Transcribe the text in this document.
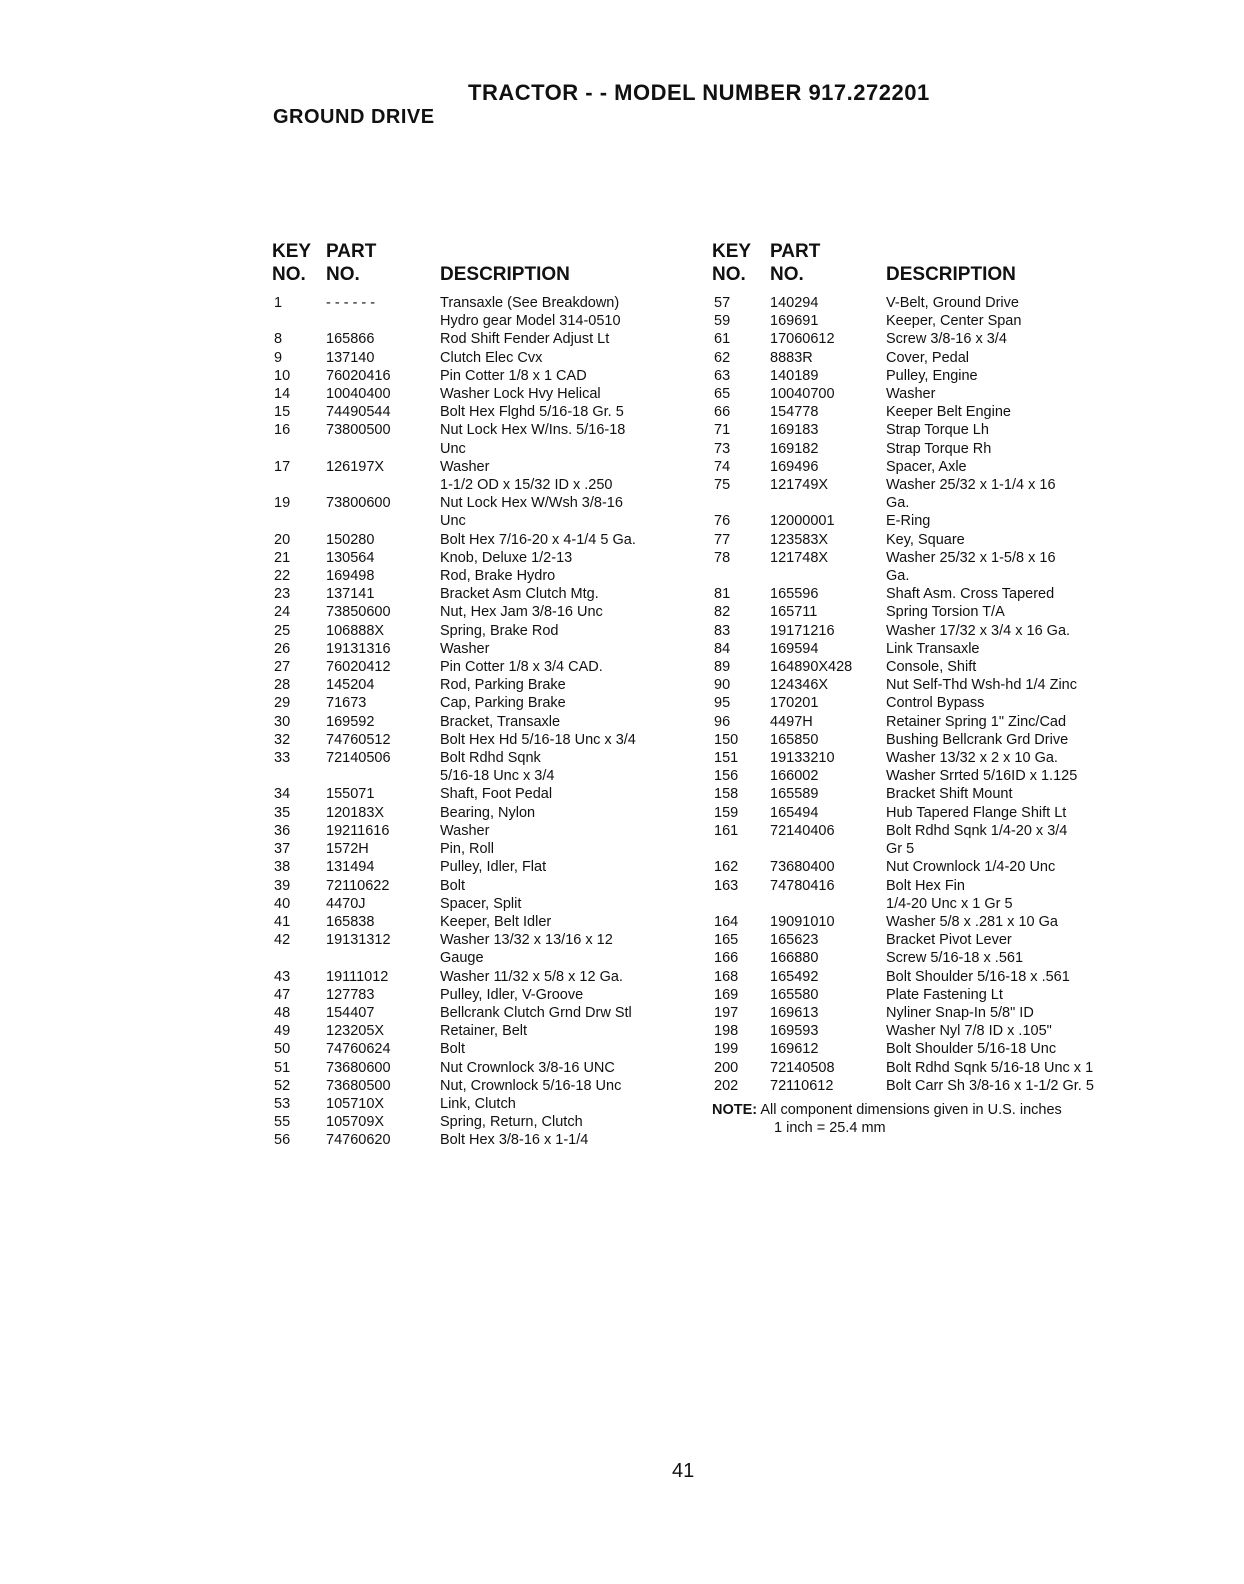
TRACTOR - - MODEL NUMBER 917.272201
GROUND DRIVE
KEY
NO.
PART
NO.	DESCRIPTION
1	- - - - - -	Transaxle (See Breakdown)
Hydro gear Model 314-0510
8	165866	Rod Shift Fender Adjust Lt
9	137140	Clutch Elec Cvx
10	76020416	Pin Cotter 1/8 x 1 CAD
14	10040400	Washer Lock Hvy Helical
15	74490544	Bolt Hex Flghd 5/16-18 Gr. 5
16	73800500	Nut Lock Hex W/Ins. 5/16-18
Unc
17	126197X	Washer
1-1/2 OD x 15/32 ID x .250
19	73800600	Nut Lock Hex W/Wsh 3/8-16
Unc
20	150280	Bolt Hex 7/16-20 x 4-1/4 5 Ga.
21	130564	Knob, Deluxe 1/2-13
22	169498	Rod, Brake Hydro
23	137141	Bracket Asm Clutch Mtg.
24	73850600	Nut, Hex Jam 3/8-16 Unc
25	106888X	Spring, Brake Rod
26	19131316	Washer
27	76020412	Pin Cotter 1/8 x 3/4 CAD.
28	145204	Rod, Parking Brake
29	71673	Cap, Parking Brake
30	169592	Bracket, Transaxle
32	74760512	Bolt Hex Hd 5/16-18 Unc x 3/4
33	72140506	Bolt Rdhd Sqnk
5/16-18 Unc x 3/4
34	155071	Shaft, Foot Pedal
35	120183X	Bearing, Nylon
36	19211616	Washer
37	1572H	Pin, Roll
38	131494	Pulley, Idler, Flat
39	72110622	Bolt
40	4470J	Spacer, Split
41	165838	Keeper, Belt Idler
42	19131312	Washer 13/32 x 13/16 x 12
Gauge
43	19111012	Washer 11/32 x 5/8 x 12 Ga.
47	127783	Pulley, Idler, V-Groove
48	154407	Bellcrank Clutch Grnd Drw Stl
49	123205X	Retainer, Belt
50	74760624	Bolt
51	73680600	Nut Crownlock 3/8-16 UNC
52	73680500	Nut, Crownlock 5/16-18 Unc
53	105710X	Link, Clutch
55	105709X	Spring, Return, Clutch
56	74760620	Bolt Hex 3/8-16 x 1-1/4
KEY
NO.
PART
NO.	DESCRIPTION
57	140294	V-Belt, Ground Drive
59	169691	Keeper, Center Span
61	17060612	Screw 3/8-16 x 3/4
62	8883R	Cover, Pedal
63	140189	Pulley, Engine
65	10040700	Washer
66	154778	Keeper Belt Engine
71	169183	Strap Torque Lh
73	169182	Strap Torque Rh
74	169496	Spacer, Axle
75	121749X	Washer 25/32 x 1-1/4 x 16
Ga.
76	12000001	E-Ring
77	123583X	Key, Square
78	121748X	Washer 25/32 x 1-5/8 x 16
Ga.
81	165596	Shaft Asm. Cross Tapered
82	165711	Spring Torsion T/A
83	19171216	Washer 17/32 x 3/4 x 16 Ga.
84	169594	Link Transaxle
89	164890X428	Console, Shift
90	124346X	Nut Self-Thd Wsh-hd 1/4 Zinc
95	170201	Control Bypass
96	4497H	Retainer Spring 1" Zinc/Cad
150	165850	Bushing Bellcrank Grd Drive
151	19133210	Washer 13/32 x 2 x 10 Ga.
156	166002	Washer Srrted 5/16ID x 1.125
158	165589	Bracket Shift Mount
159	165494	Hub Tapered Flange Shift Lt
161	72140406	Bolt Rdhd Sqnk 1/4-20 x 3/4
Gr 5
162	73680400	Nut Crownlock 1/4-20 Unc
163	74780416	Bolt Hex Fin
1/4-20 Unc x 1 Gr 5
164	19091010	Washer 5/8 x .281 x 10 Ga
165	165623	Bracket Pivot Lever
166	166880	Screw 5/16-18 x .561
168	165492	Bolt Shoulder 5/16-18 x .561
169	165580	Plate Fastening Lt
197	169613	Nyliner Snap-In 5/8" ID
198	169593	Washer Nyl 7/8 ID x .105"
199	169612	Bolt Shoulder 5/16-18 Unc
200	72140508	Bolt Rdhd Sqnk 5/16-18 Unc x 1
202	72110612	Bolt Carr Sh 3/8-16 x 1-1/2 Gr. 5
NOTE: All component dimensions given in U.S. inches
1 inch = 25.4 mm
41
